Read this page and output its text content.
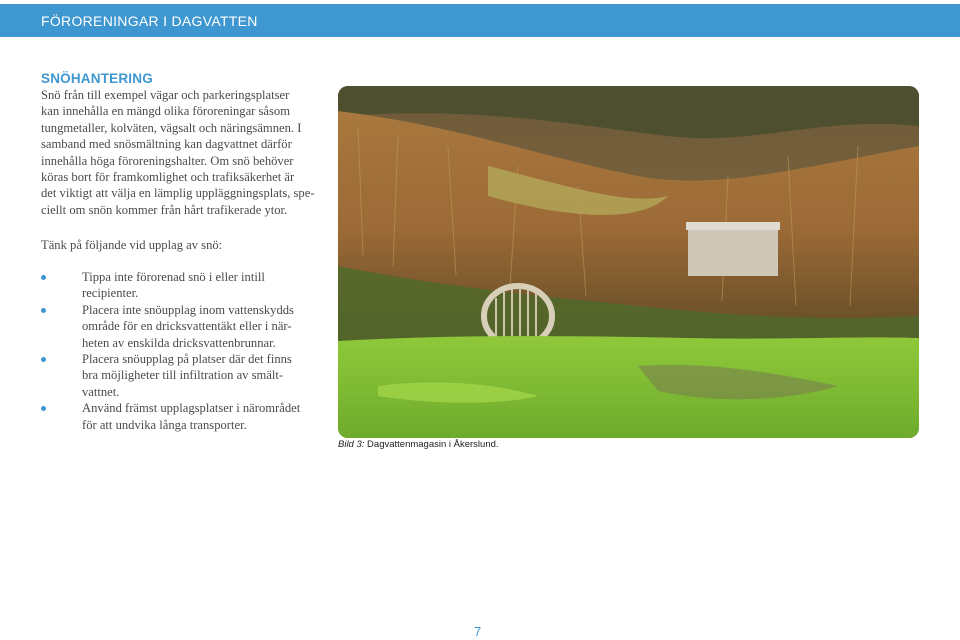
FÖRORENINGAR I DAGVATTEN
SNÖHANTERING

Snö från till exempel vägar och parkeringsplatser
kan innehålla en mängd olika föroreningar såsom
tungmetaller, kolväten, vägsalt och näringsämnen. I
samband med snösmältning kan dagvattnet därför
innehålla höga föroreningshalter. Om snö behöver
köras bort för framkomlighet och trafiksäkerhet är
det viktigt att välja en lämplig uppläggningsplats, spe-
ciellt om snön kommer från hårt trafikerade ytor.

Tänk på följande vid upplag av snö:

Tippa inte förorenad snö i eller intill
recipienter.
Placera inte snöupplag inom vattenskydds
område för en dricksvattentäkt eller i när-
heten av enskilda dricksvattenbrunnar.
Placera snöupplag på platser där det finns
bra möjligheter till infiltration av smält-
vattnet.
Använd främst upplagsplatser i närområdet
för att undvika långa transporter.
Bild 3: Dagvattenmagasin i Åkerslund.
7
